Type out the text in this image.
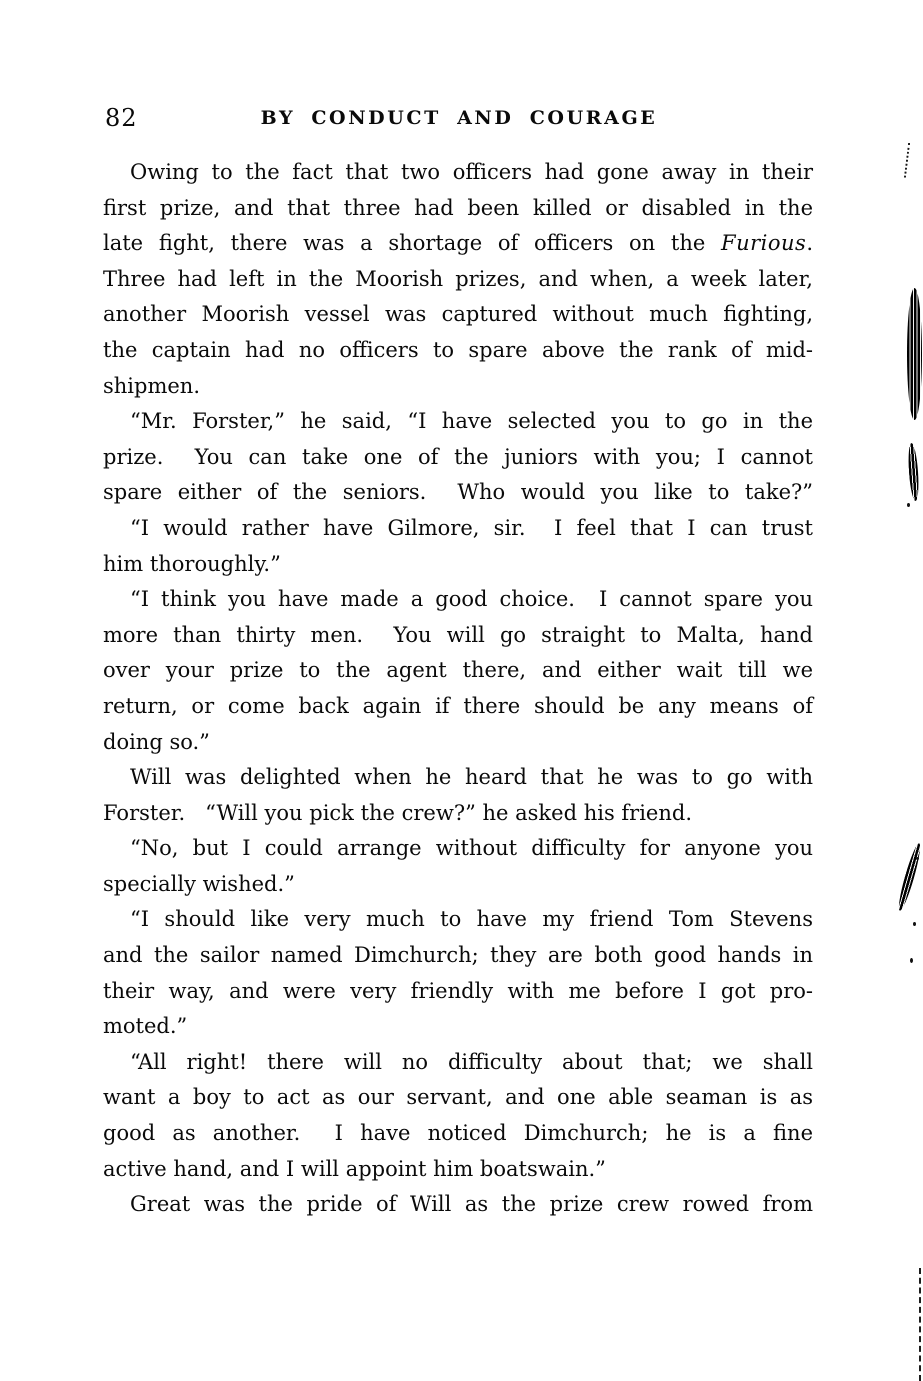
82	BY CONDUCT AND COURAGE
Owing to the fact that two officers had gone away in their
first prize, and that three had been killed or disabled in the
late fight, there was a shortage of officers on the Furious.
Three had left in the Moorish prizes, and when, a week later,
another Moorish vessel was captured without much fighting,
the captain had no officers to spare above the rank of mid-
shipmen.
“Mr. Forster,” he said, “I have selected you to go in the
prize.  You can take one of the juniors with you; I cannot
spare either of the seniors.  Who would you like to take?”
“I would rather have Gilmore, sir.  I feel that I can trust
him thoroughly.”
“I think you have made a good choice.  I cannot spare you
more than thirty men.  You will go straight to Malta, hand
over your prize to the agent there, and either wait till we
return, or come back again if there should be any means of
doing so.”
Will was delighted when he heard that he was to go with
Forster.   “Will you pick the crew?” he asked his friend.
“No, but I could arrange without difficulty for anyone you
specially wished.”
“I should like very much to have my friend Tom Stevens
and the sailor named Dimchurch; they are both good hands in
their way, and were very friendly with me before I got pro-
moted.”
“All right! there will no difficulty about that; we shall
want a boy to act as our servant, and one able seaman is as
good as another.  I have noticed Dimchurch; he is a fine
active hand, and I will appoint him boatswain.”
Great was the pride of Will as the prize crew rowed from
